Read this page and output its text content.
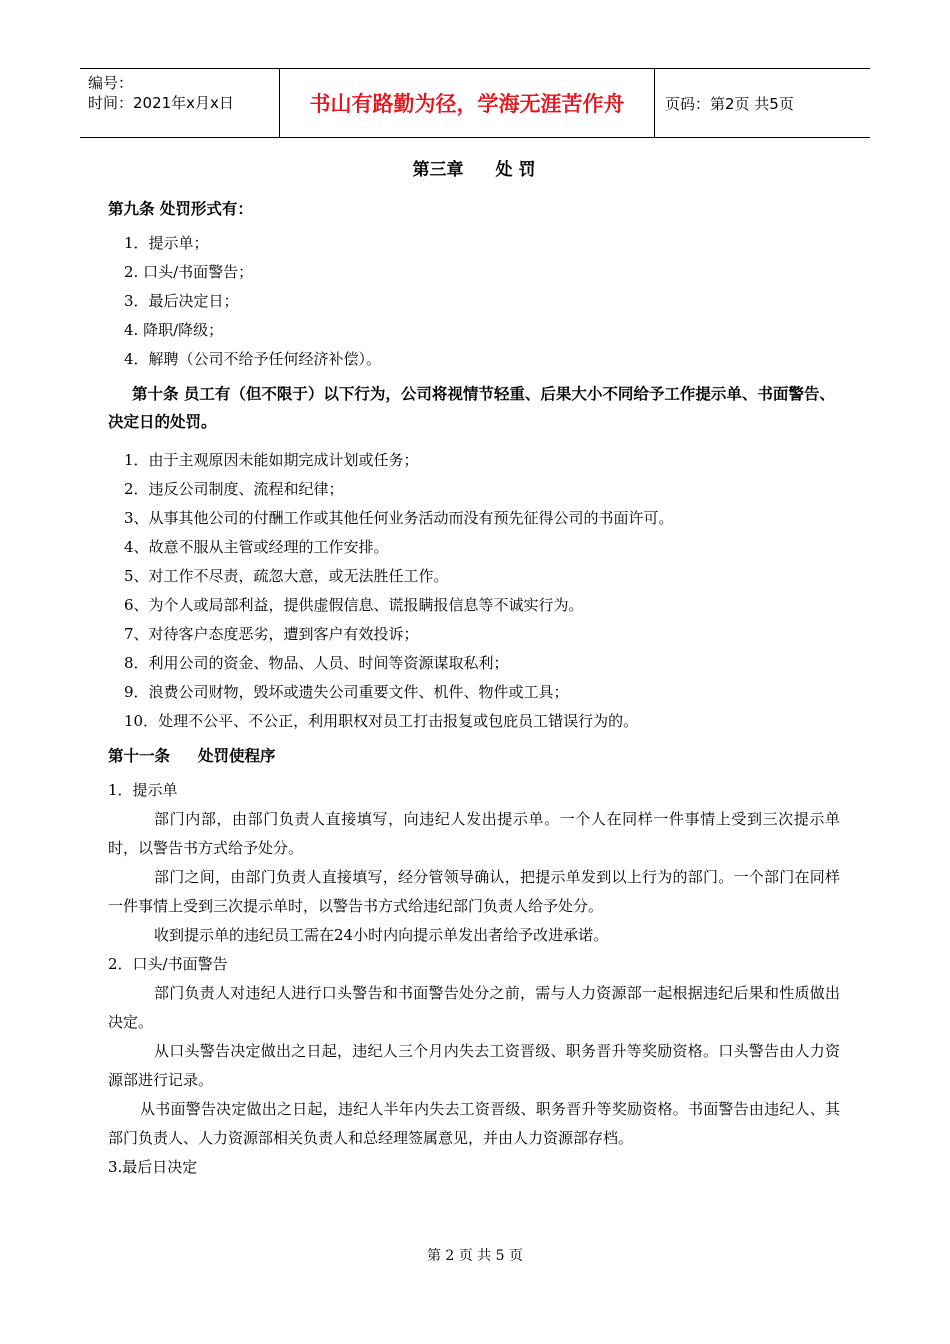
编号：
时间：2021年x月x日	书山有路勤为径，学海无涯苦作舟	页码：第2页 共5页
第三章 处 罚
第九条 处罚形式有：
1．提示单；
2. 口头/书面警告；
3．最后决定日；
4. 降职/降级；
4．解聘（公司不给予任何经济补偿）。
第十条 员工有（但不限于）以下行为，公司将视情节轻重、后果大小不同给予工作提示单、书面警告、决定日的处罚。
1．由于主观原因未能如期完成计划或任务；
2．违反公司制度、流程和纪律；
3、从事其他公司的付酬工作或其他任何业务活动而没有预先征得公司的书面许可。
4、故意不服从主管或经理的工作安排。
5、对工作不尽责，疏忽大意，或无法胜任工作。
6、为个人或局部利益，提供虚假信息、谎报瞒报信息等不诚实行为。
7、对待客户态度恶劣，遭到客户有效投诉；
8．利用公司的资金、物品、人员、时间等资源谋取私利；
9．浪费公司财物，毁坏或遗失公司重要文件、机件、物件或工具；
10．处理不公平、不公正，利用职权对员工打击报复或包庇员工错误行为的。
第十一条 处罚使程序
1．提示单
部门内部，由部门负责人直接填写，向违纪人发出提示单。一个人在同样一件事情上受到三次提示单时，以警告书方式给予处分。
部门之间，由部门负责人直接填写，经分管领导确认，把提示单发到以上行为的部门。一个部门在同样一件事情上受到三次提示单时，以警告书方式给违纪部门负责人给予处分。
收到提示单的违纪员工需在24小时内向提示单发出者给予改进承诺。
2．口头/书面警告
部门负责人对违纪人进行口头警告和书面警告处分之前，需与人力资源部一起根据违纪后果和性质做出决定。
从口头警告决定做出之日起，违纪人三个月内失去工资晋级、职务晋升等奖励资格。口头警告由人力资源部进行记录。
从书面警告决定做出之日起，违纪人半年内失去工资晋级、职务晋升等奖励资格。书面警告由违纪人、其部门负责人、人力资源部相关负责人和总经理签属意见，并由人力资源部存档。
3.最后日决定
第 2 页 共 5 页
